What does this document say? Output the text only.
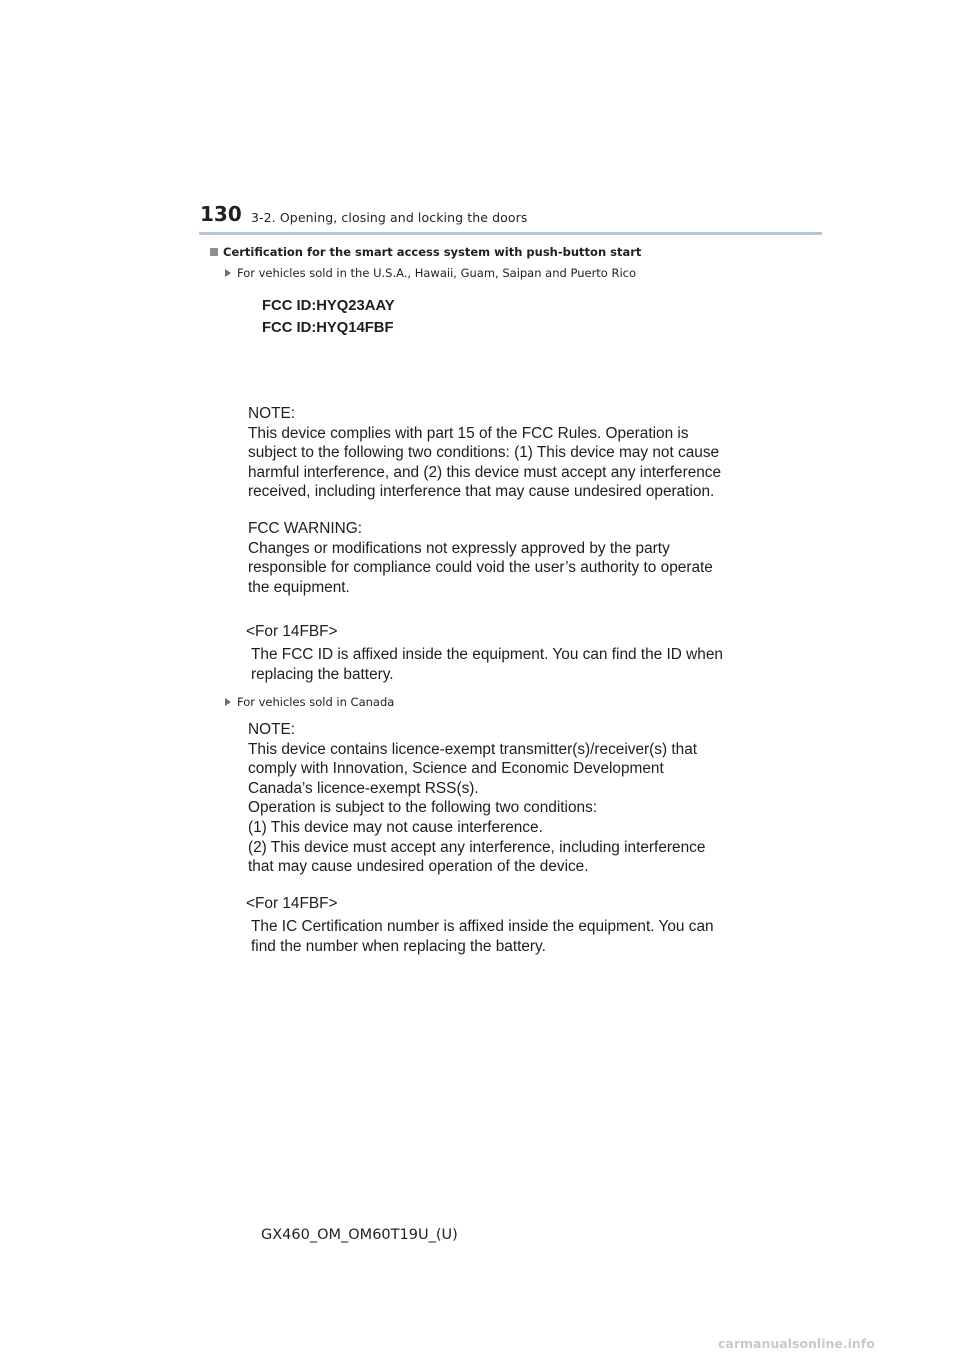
130 3-2. Opening, closing and locking the doors
Certification for the smart access system with push-button start
For vehicles sold in the U.S.A., Hawaii, Guam, Saipan and Puerto Rico
FCC ID:HYQ23AAY
FCC ID:HYQ14FBF
NOTE:
This device complies with part 15 of the FCC Rules. Operation is
subject to the following two conditions: (1) This device may not cause
harmful interference, and (2) this device must accept any interference
received, including interference that may cause undesired operation.
FCC WARNING:
Changes or modifications not expressly approved by the party
responsible for compliance could void the user’s authority to operate
the equipment.
<For 14FBF>
The FCC ID is affixed inside the equipment. You can find the ID when
replacing the battery.
For vehicles sold in Canada
NOTE:
This device contains licence-exempt transmitter(s)/receiver(s) that
comply with Innovation, Science and Economic Development
Canada’s licence-exempt RSS(s).
Operation is subject to the following two conditions:
(1) This device may not cause interference.
(2) This device must accept any interference, including interference
that may cause undesired operation of the device.
<For 14FBF>
The IC Certification number is affixed inside the equipment. You can
find the number when replacing the battery.
GX460_OM_OM60T19U_(U)
carmanualsonline.info
